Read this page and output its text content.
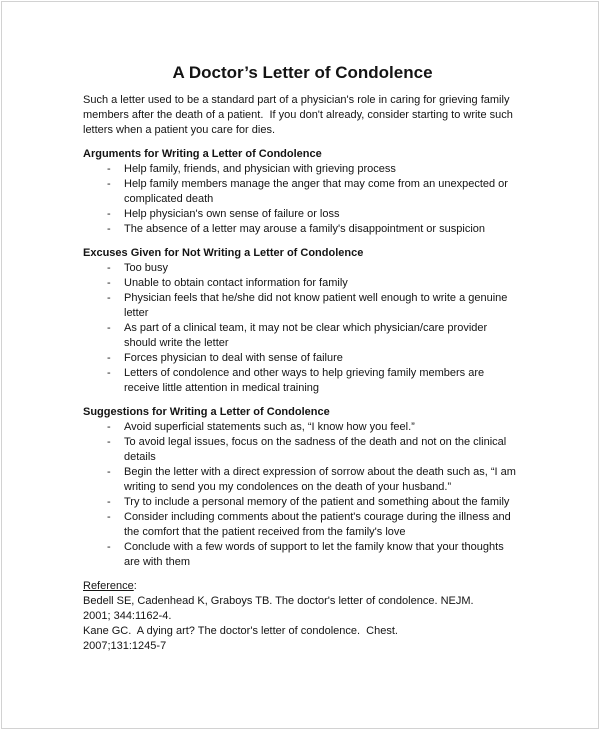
A Doctor’s Letter of Condolence

Such a letter used to be a standard part of a physician's role in caring for grieving family members after the death of a patient.  If you don't already, consider starting to write such letters when a patient you care for dies.

Arguments for Writing a Letter of Condolence
-	Help family, friends, and physician with grieving process
-	Help family members manage the anger that may come from an unexpected or complicated death
-	Help physician's own sense of failure or loss
-	The absence of a letter may arouse a family's disappointment or suspicion
Excuses Given for Not Writing a Letter of Condolence
-	Too busy
-	Unable to obtain contact information for family
-	Physician feels that he/she did not know patient well enough to write a genuine letter
-	As part of a clinical team, it may not be clear which physician/care provider should write the letter
-	Forces physician to deal with sense of failure
-	Letters of condolence and other ways to help grieving family members are receive little attention in medical training
Suggestions for Writing a Letter of Condolence
-	Avoid superficial statements such as, “I know how you feel.”
-	To avoid legal issues, focus on the sadness of the death and not on the clinical details
-	Begin the letter with a direct expression of sorrow about the death such as, “I am writing to send you my condolences on the death of your husband.”
-	Try to include a personal memory of the patient and something about the family
-	Consider including comments about the patient's courage during the illness and the comfort that the patient received from the family's love
-	Conclude with a few words of support to let the family know that your thoughts are with them
Reference:
Bedell SE, Cadenhead K, Graboys TB. The doctor's letter of condolence. NEJM.
2001; 344:1162-4.
Kane GC.  A dying art? The doctor's letter of condolence.  Chest.
2007;131:1245-7
